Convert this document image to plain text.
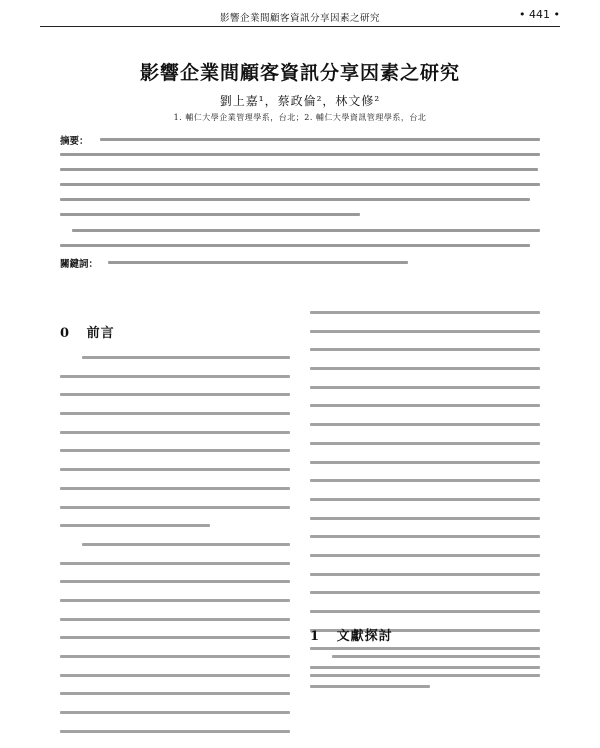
影響企業間顧客資訊分享因素之研究	• 441 •
影響企業間顧客資訊分享因素之研究
劉上嘉¹，蔡政倫²，林文修²
1. 輔仁大學企業管理學系，台北；2. 輔仁大學資訊管理學系，台北
摘要：
關鍵詞：
0 前言
1 文獻探討
